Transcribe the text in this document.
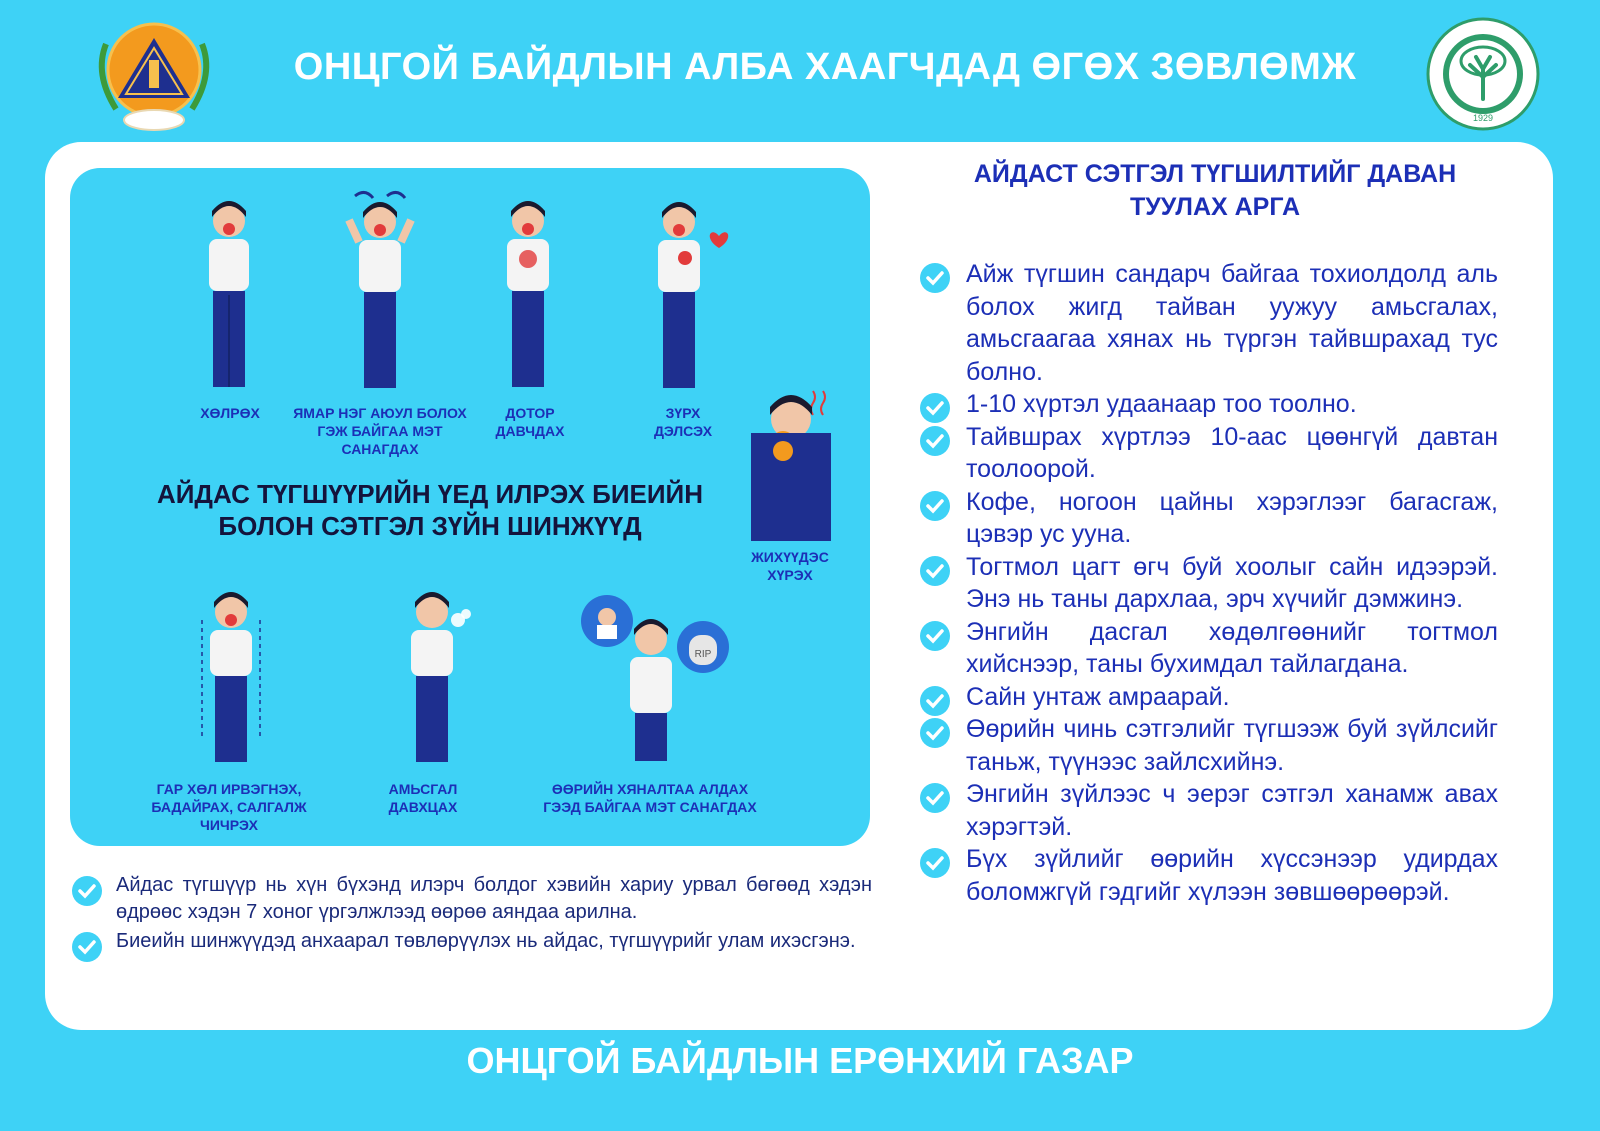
ОНЦГОЙ БАЙДЛЫН АЛБА ХААГЧДАД ӨГӨХ ЗӨВЛӨМЖ
1929
RIP
ХӨЛРӨХ	ЯМАР НЭГ АЮУЛ БОЛОХ ГЭЖ БАЙГАА МЭТ САНАГДАХ
ДОТОР ДАВЧДАХ
ЗҮРХ ДЭЛСЭХ
ЖИХҮҮДЭС ХҮРЭХ
ГАР ХӨЛ ИРВЭГНЭХ, БАДАЙРАХ, САЛГАЛЖ ЧИЧРЭХ
АМЬСГАЛ ДАВХЦАХ
ӨӨРИЙН ХЯНАЛТАА АЛДАХ ГЭЭД БАЙГАА МЭТ САНАГДАХ
АЙДАС ТҮГШҮҮРИЙН ҮЕД ИЛРЭХ БИЕИЙН БОЛОН СЭТГЭЛ ЗҮЙН ШИНЖҮҮД
Айдас түгшүүр нь хүн бүхэнд илэрч болдог хэвийн хариу урвал бөгөөд хэдэн өдрөөс хэдэн 7 хоног үргэлжлээд өөрөө аяндаа арилна.
Биеийн шинжүүдэд анхаарал төвлөрүүлэх нь айдас, түгшүүрийг улам ихэсгэнэ.
АЙДАСТ СЭТГЭЛ ТҮГШИЛТИЙГ ДАВАН ТУУЛАХ АРГА
Айж түгшин сандарч байгаа тохиолдолд аль болох жигд тайван уужуу амьсгалах, амьсгаагаа хянах нь түргэн тайвшрахад тус болно.
1-10 хүртэл удаанаар тоо тоолно.
Тайвшрах хүртлээ 10-аас цөөнгүй давтан тоолоорой.
Кофе, ногоон цайны хэрэглээг багасгаж, цэвэр ус ууна.
Тогтмол цагт өгч буй хоолыг сайн идээрэй. Энэ нь таны дархлаа, эрч хүчийг дэмжинэ.
Энгийн дасгал хөдөлгөөнийг тогтмол хийснээр, таны бухимдал тайлагдана.
Сайн унтаж амраарай.
Өөрийн чинь сэтгэлийг түгшээж буй зүйлсийг таньж, түүнээс зайлсхийнэ.
Энгийн зүйлээс ч эерэг сэтгэл ханамж авах хэрэгтэй.
Бүх зүйлийг өөрийн хүссэнээр удирдах боломжгүй гэдгийг хүлээн зөвшөөрөөрэй.
ОНЦГОЙ БАЙДЛЫН ЕРӨНХИЙ ГАЗАР
